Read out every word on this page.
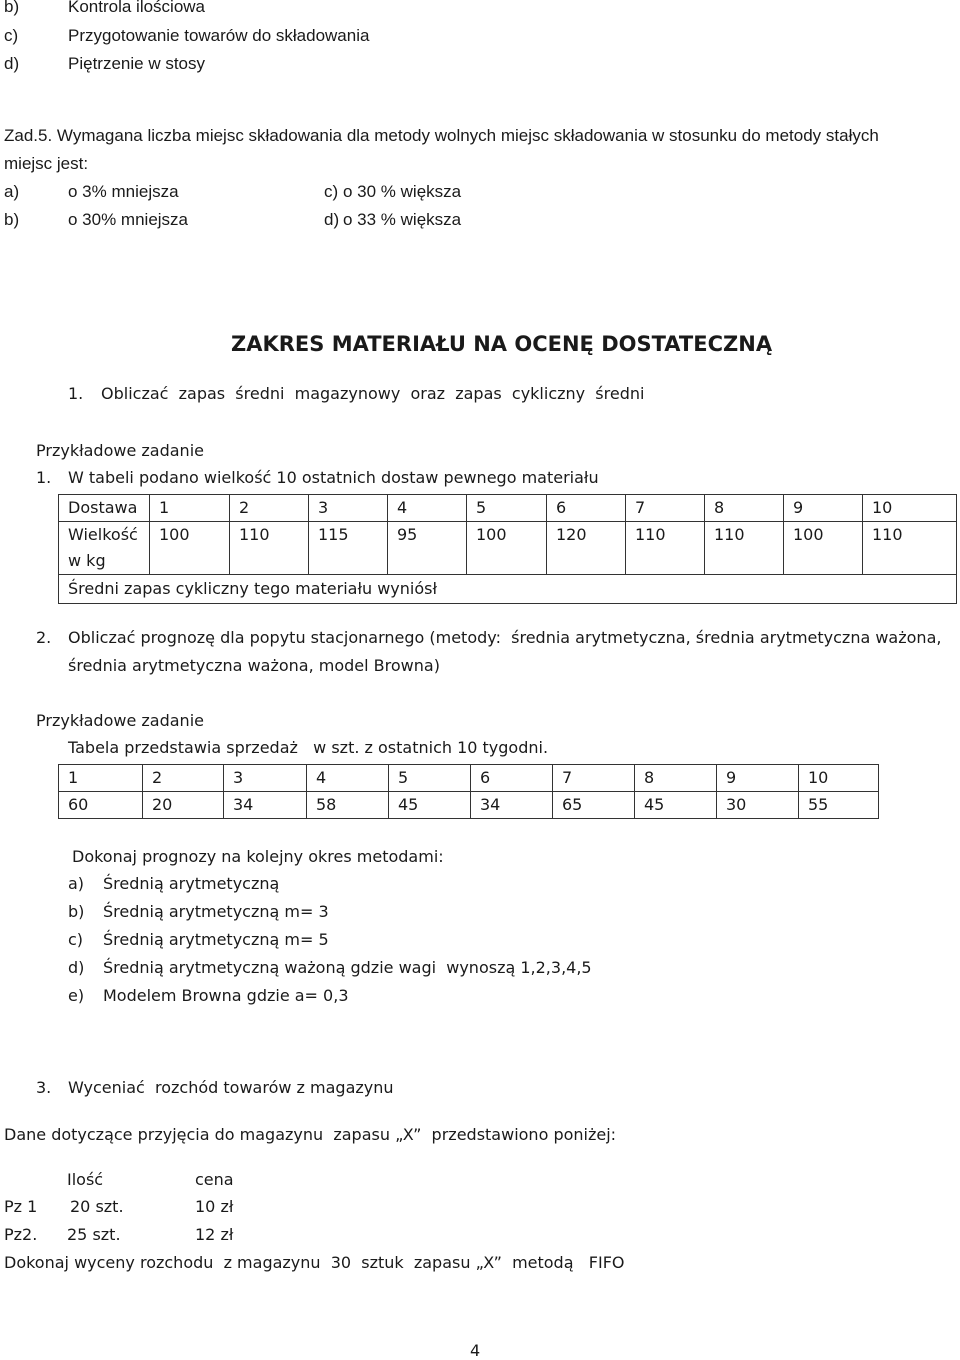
b)	Kontrola ilościowa
c)	Przygotowanie towarów do składowania
d)	Piętrzenie w stosy
Zad.5. Wymagana liczba miejsc składowania dla metody wolnych miejsc składowania w stosunku do metody stałych
miejsc jest:
a)	o 3% mniejsza	c) o 30 % większa
b)	o 30% mniejsza	d) o 33 % większa
ZAKRES MATERIAŁU NA OCENĘ DOSTATECZNĄ
1. Obliczać  zapas  średni  magazynowy  oraz  zapas  cykliczny  średni
Przykładowe zadanie
1. W tabeli podano wielkość 10 ostatnich dostaw pewnego materiału
Dostawa	1	2	3	4	5	6	7	8	9	10

Wielkość
w kg	100	110	115	95	100	120	110	110	100	110
Średni zapas cykliczny tego materiału wyniósł										
2. Obliczać prognozę dla popytu stacjonarnego (metody:  średnia arytmetyczna, średnia arytmetyczna ważona,
średnia arytmetyczna ważona, model Browna)
Przykładowe zadanie
Tabela przedstawia sprzedaż   w szt. z ostatnich 10 tygodni.
1	2	3	4	5	6	7	8	9	10
60	20	34	58	45	34	65	45	30	55
Dokonaj prognozy na kolejny okres metodami:
a) Średnią arytmetyczną
b) Średnią arytmetyczną m= 3
c) Średnią arytmetyczną m= 5
d) Średnią arytmetyczną ważoną gdzie wagi  wynoszą 1,2,3,4,5
e) Modelem Browna gdzie a= 0,3
3. Wyceniać  rozchód towarów z magazynu
Dane dotyczące przyjęcia do magazynu  zapasu „X”  przedstawiono poniżej:
Ilość	cena
Pz 1 20 szt.	10 zł
Pz2. 25 szt.	12 zł
Dokonaj wyceny rozchodu  z magazynu  30  sztuk  zapasu „X”  metodą   FIFO
4
